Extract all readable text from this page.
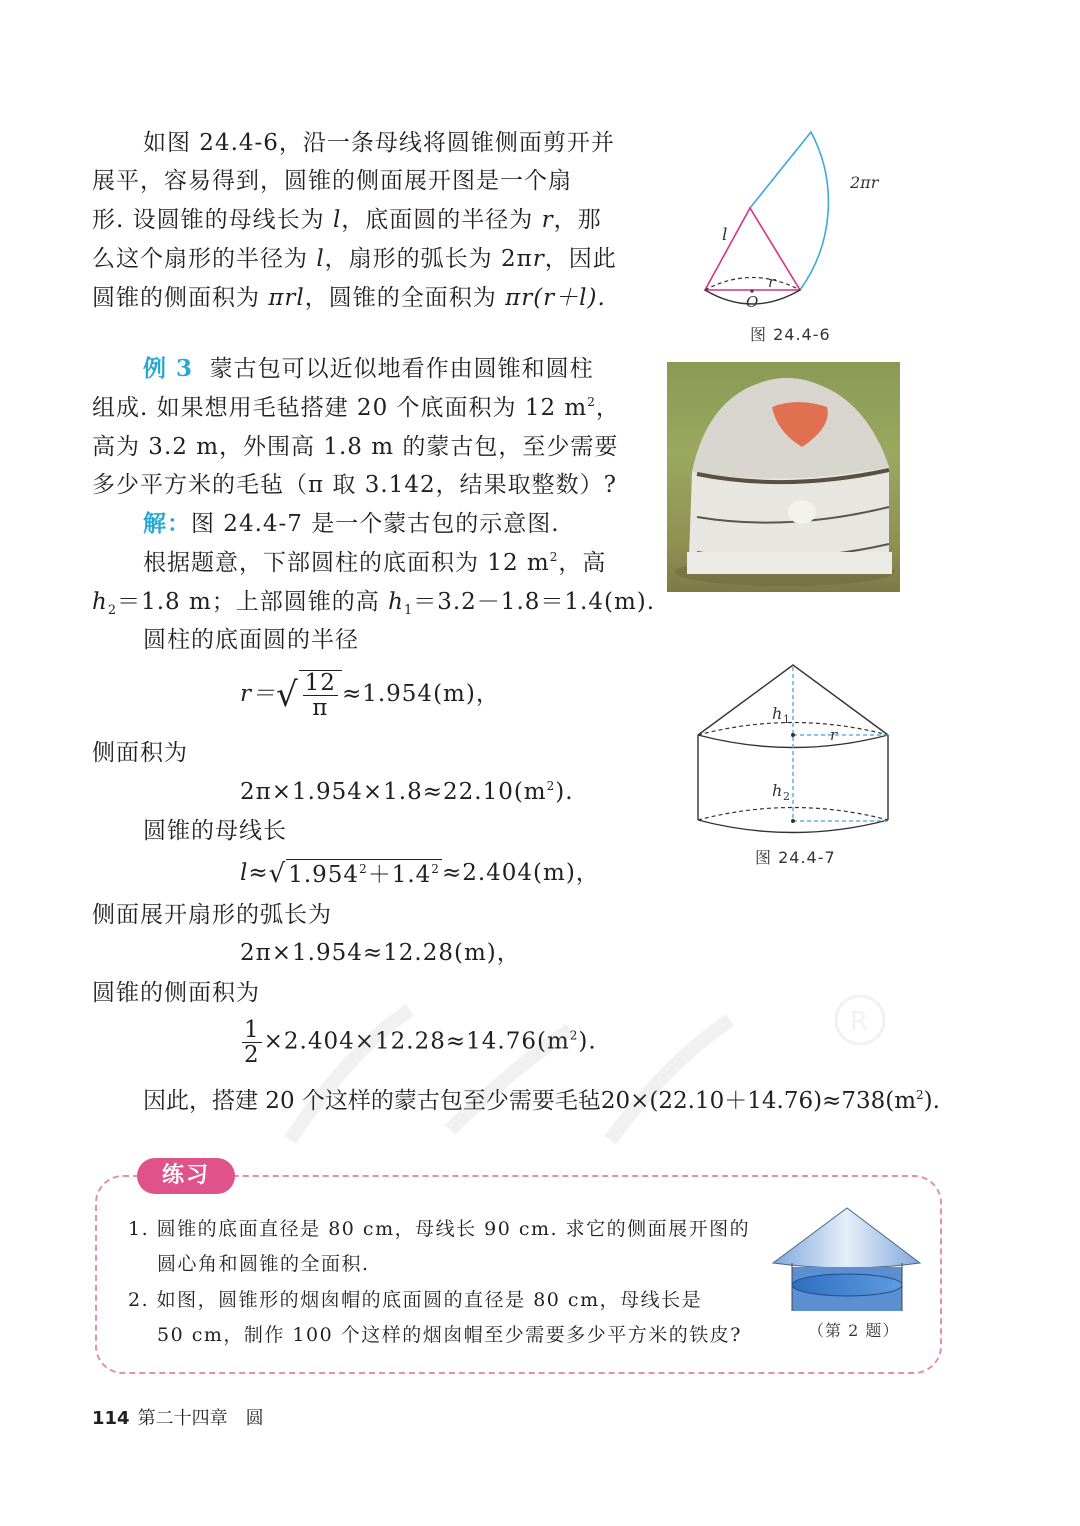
如图 24.4-6，沿一条母线将圆锥侧面剪开并
展平，容易得到，圆锥的侧面展开图是一个扇
形. 设圆锥的母线长为 l，底面圆的半径为 r，那
么这个扇形的半径为 l，扇形的弧长为 2πr，因此
圆锥的侧面积为 πrl，圆锥的全面积为 πr(r＋l).
l
r
O
2πr
图 24.4-6
例 3 蒙古包可以近似地看作由圆锥和圆柱
组成. 如果想用毛毡搭建 20 个底面积为 12 $m^2$，
高为 3.2 m，外围高 1.8 m 的蒙古包，至少需要
多少平方米的毛毡（π 取 3.142，结果取整数）?
解：图 24.4-7 是一个蒙古包的示意图.
根据题意，下部圆柱的底面积为 12 $m^2$，高
$h_2=1.8$ m；上部圆锥的高 $h_1=3.2-1.8=1.4(m)$.
圆柱的底面圆的半径
$r=√ \frac{12}{\pi} \approx 1.954(m)$，
侧面积为
$2\pi\times 1.954\times 1.8\approx 22.10(m^2)$.
圆锥的母线长
$l\approx√1.954^2+1.4^2\approx 2.404(m)$，
侧面展开扇形的弧长为
2π×1.954≈12.28(m)，
圆锥的侧面积为
$\frac{1}{2} \times 2.404\times 12.28\approx 14.76(m^2)$.
因此，搭建 20 个这样的蒙古包至少需要毛毡$20\times(22.10+14.76)\approx 738(m^2)$.
h 1
h 2
r
图 24.4-7
R
练习
1. 圆锥的底面直径是 80 cm，母线长 90 cm. 求它的侧面展开图的
圆心角和圆锥的全面积.
2. 如图，圆锥形的烟囱帽的底面圆的直径是 80 cm，母线长是
50 cm，制作 100 个这样的烟囱帽至少需要多少平方米的铁皮?	（第 2 题）
114 第二十四章　圆
